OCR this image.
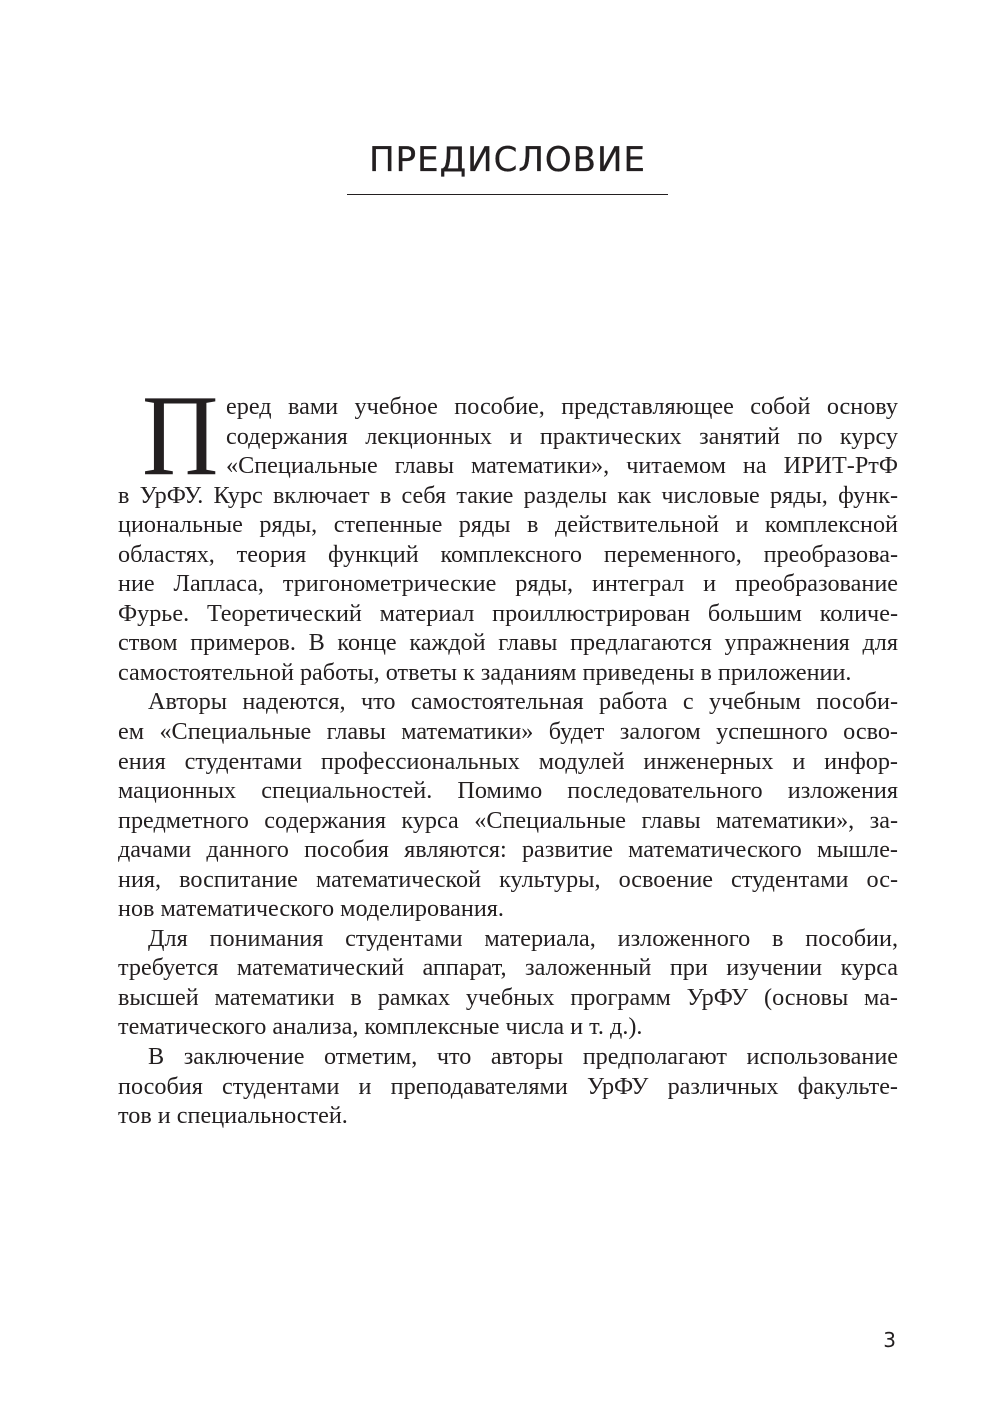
ПРЕДИСЛОВИЕ
П еред вами учебное пособие, представляющее собой основу
содержания лекционных и практических занятий по курсу
«Специальные главы математики», читаемом на ИРИТ-РтФ
в УрФУ. Курс включает в себя такие разделы как числовые ряды, функ-
циональные ряды, степенные ряды в действительной и комплексной
областях, теория функций комплексного переменного, преобразова-
ние Лапласа, тригонометрические ряды, интеграл и преобразование
Фурье. Теоретический материал проиллюстрирован большим количе-
ством примеров. В конце каждой главы предлагаются упражнения для
самостоятельной работы, ответы к заданиям приведены в приложении.
Авторы надеются, что самостоятельная работа с учебным пособи-
ем «Специальные главы математики» будет залогом успешного осво-
ения студентами профессиональных модулей инженерных и инфор-
мационных специальностей. Помимо последовательного изложения
предметного содержания курса «Специальные главы математики», за-
дачами данного пособия являются: развитие математического мышле-
ния, воспитание математической культуры, освоение студентами ос-
нов математического моделирования.
Для понимания студентами материала, изложенного в пособии,
требуется математический аппарат, заложенный при изучении курса
высшей математики в рамках учебных программ УрФУ (основы ма-
тематического анализа, комплексные числа и т. д.).
В заключение отметим, что авторы предполагают использование
пособия студентами и преподавателями УрФУ различных факульте-
тов и специальностей.
3
